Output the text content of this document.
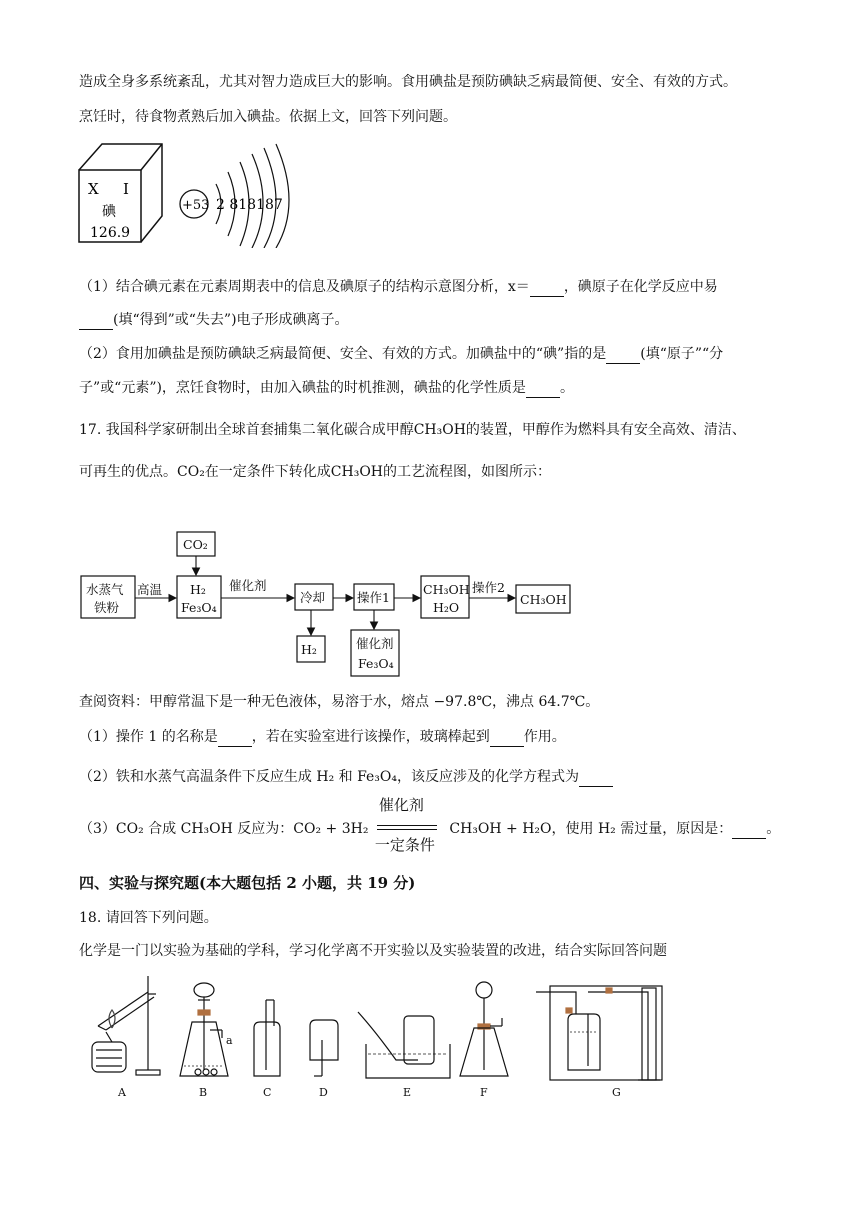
造成全身多系统紊乱，尤其对智力造成巨大的影响。食用碘盐是预防碘缺乏病最简便、安全、有效的方式。
烹饪时，待食物煮熟后加入碘盐。依据上文，回答下列问题。
X I
碘
126.9
+53 2 818187
（1）结合碘元素在元素周期表中的信息及碘原子的结构示意图分析，x＝ ，碘原子在化学反应中易
(填“得到”或“失去”)电子形成碘离子。
（2）食用加碘盐是预防碘缺乏病最简便、安全、有效的方式。加碘盐中的“碘”指的是 (填“原子”“分
子”或“元素”)，烹饪食物时，由加入碘盐的时机推测，碘盐的化学性质是 。
17. 我国科学家研制出全球首套捕集二氧化碳合成甲醇CH₃OH的装置，甲醇作为燃料具有安全高效、清洁、
可再生的优点。CO₂在一定条件下转化成CH₃OH的工艺流程图，如图所示：
水蒸气
铁粉
高温
CO₂
H₂
Fe₃O₄
催化剂
冷却
H₂
操作1
催化剂
Fe₃O₄
CH₃OH
H₂O
操作2
CH₃OH
查阅资料：甲醇常温下是一种无色液体，易溶于水，熔点 −97.8℃，沸点 64.7℃。
（1）操作 1 的名称是 ，若在实验室进行该操作，玻璃棒起到 作用。
（2）铁和水蒸气高温条件下反应生成 H₂ 和 Fe₃O₄，该反应涉及的化学方程式为
（3）CO₂ 合成 CH₃OH 反应为：CO₂ + 3H₂
催化剂
一定条件
CH₃OH + H₂O，使用 H₂ 需过量，原因是： 。
四、实验与探究题(本大题包括 2 小题，共 19 分)
18. 请回答下列问题。
化学是一门以实验为基础的学科，学习化学离不开实验以及实验装置的改进，结合实际回答问题
a
A	B	C	D	E	F	G
